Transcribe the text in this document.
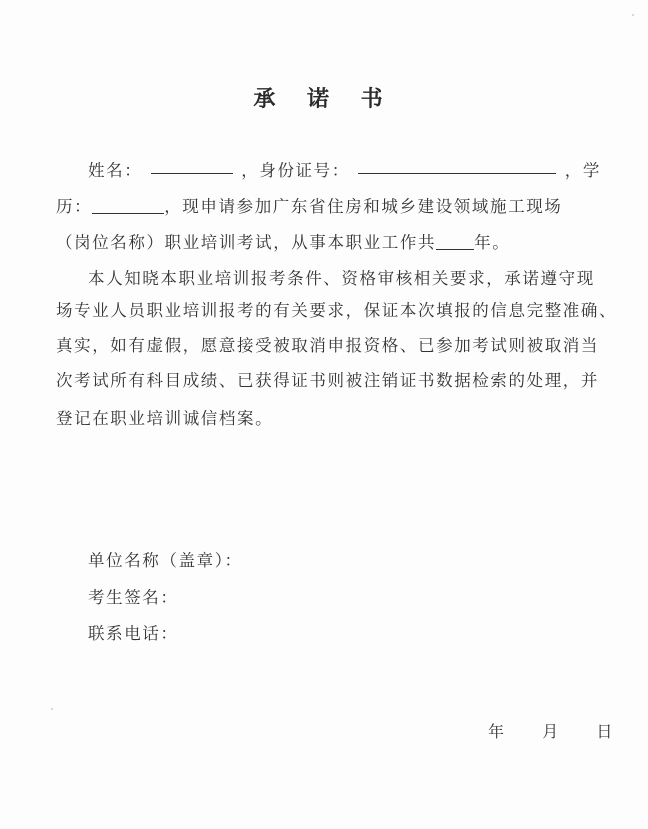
承 诺 书
姓名：	，身份证号：	，学
历：	，现申请参加广东省住房和城乡建设领域施工现场
（岗位名称）职业培训考试，从事本职业工作共 年。
本人知晓本职业培训报考条件、资格审核相关要求，承诺遵守现
场专业人员职业培训报考的有关要求，保证本次填报的信息完整准确、
真实，如有虚假，愿意接受被取消申报资格、已参加考试则被取消当
次考试所有科目成绩、已获得证书则被注销证书数据检索的处理，并
登记在职业培训诚信档案。
单位名称（盖章）：
考生签名：
联系电话：
年 月 日
